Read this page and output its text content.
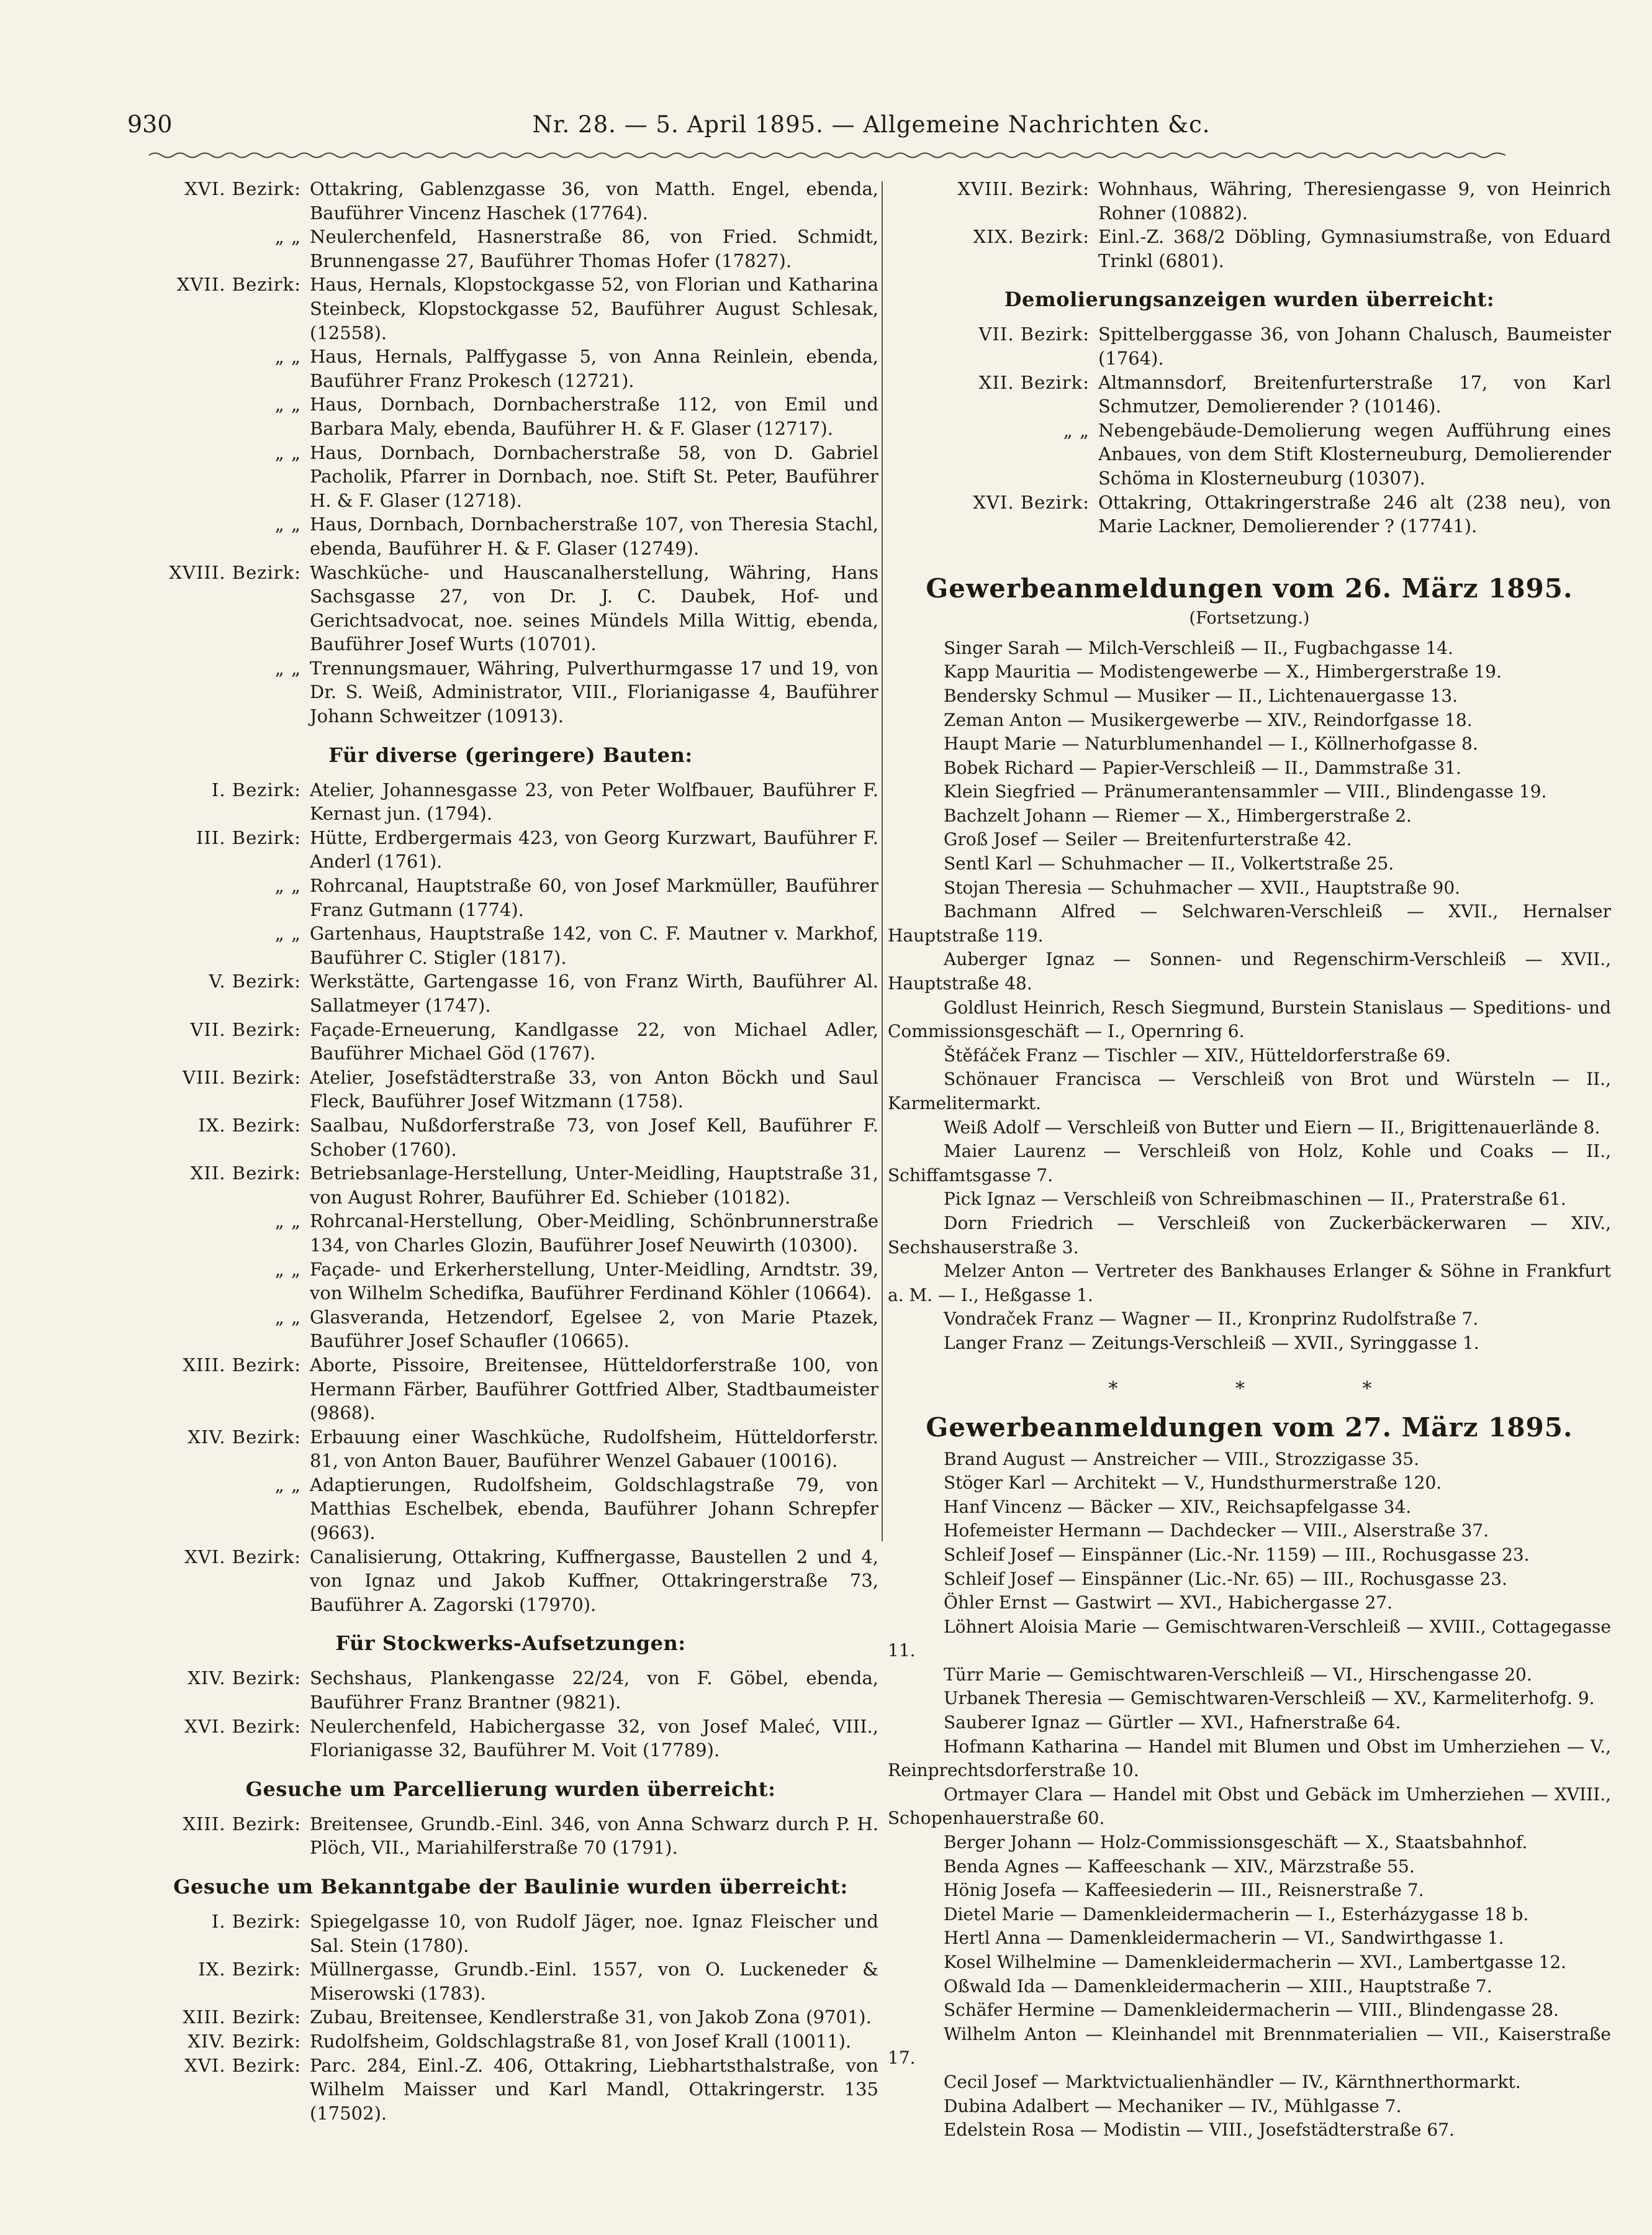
930	Nr. 28. — 5. April 1895. — Allgemeine Nachrichten &c.
XVI. Bezirk: Ottakring, Gablenzgasse 36, von Matth. Engel, ebenda, Bauführer Vincenz Haschek (17764).
„ „ Neulerchenfeld, Hasnerstraße 86, von Fried. Schmidt, Brunnengasse 27, Bauführer Thomas Hofer (17827).
XVII. Bezirk: Haus, Hernals, Klopstockgasse 52, von Florian und Katharina Steinbeck, Klopstockgasse 52, Bauführer August Schlesak, (12558).
„ „ Haus, Hernals, Palffygasse 5, von Anna Reinlein, ebenda, Bauführer Franz Prokesch (12721).
„ „ Haus, Dornbach, Dornbacherstraße 112, von Emil und Barbara Maly, ebenda, Bauführer H. & F. Glaser (12717).
„ „ Haus, Dornbach, Dornbacherstraße 58, von D. Gabriel Pacholik, Pfarrer in Dornbach, noe. Stift St. Peter, Bauführer H. & F. Glaser (12718).
„ „ Haus, Dornbach, Dornbacherstraße 107, von Theresia Stachl, ebenda, Bauführer H. & F. Glaser (12749).
XVIII. Bezirk: Waschküche- und Hauscanalherstellung, Währing, Hans Sachsgasse 27, von Dr. J. C. Daubek, Hof- und Gerichtsadvocat, noe. seines Mündels Milla Wittig, ebenda, Bauführer Josef Wurts (10701).
„ „ Trennungsmauer, Währing, Pulverthurmgasse 17 und 19, von Dr. S. Weiß, Administrator, VIII., Florianigasse 4, Bauführer Johann Schweitzer (10913).
Für diverse (geringere) Bauten:
I. Bezirk: Atelier, Johannesgasse 23, von Peter Wolfbauer, Bauführer F. Kernast jun. (1794).
III. Bezirk: Hütte, Erdbergermais 423, von Georg Kurzwart, Bauführer F. Anderl (1761).
„ „ Rohrcanal, Hauptstraße 60, von Josef Markmüller, Bauführer Franz Gutmann (1774).
„ „ Gartenhaus, Hauptstraße 142, von C. F. Mautner v. Markhof, Bauführer C. Stigler (1817).
V. Bezirk: Werkstätte, Gartengasse 16, von Franz Wirth, Bauführer Al. Sallatmeyer (1747).
VII. Bezirk: Façade-Erneuerung, Kandlgasse 22, von Michael Adler, Bauführer Michael Göd (1767).
VIII. Bezirk: Atelier, Josefstädterstraße 33, von Anton Böckh und Saul Fleck, Bauführer Josef Witzmann (1758).
IX. Bezirk: Saalbau, Nußdorferstraße 73, von Josef Kell, Bauführer F. Schober (1760).
XII. Bezirk: Betriebsanlage-Herstellung, Unter-Meidling, Hauptstraße 31, von August Rohrer, Bauführer Ed. Schieber (10182).
„ „ Rohrcanal-Herstellung, Ober-Meidling, Schönbrunnerstraße 134, von Charles Glozin, Bauführer Josef Neuwirth (10300).
„ „ Façade- und Erkerherstellung, Unter-Meidling, Arndtstr. 39, von Wilhelm Schedifka, Bauführer Ferdinand Köhler (10664).
„ „ Glasveranda, Hetzendorf, Egelsee 2, von Marie Ptazek, Bauführer Josef Schaufler (10665).
XIII. Bezirk: Aborte, Pissoire, Breitensee, Hütteldorferstraße 100, von Hermann Färber, Bauführer Gottfried Alber, Stadtbaumeister (9868).
XIV. Bezirk: Erbauung einer Waschküche, Rudolfsheim, Hütteldorferstr. 81, von Anton Bauer, Bauführer Wenzel Gabauer (10016).
„ „ Adaptierungen, Rudolfsheim, Goldschlagstraße 79, von Matthias Eschelbek, ebenda, Bauführer Johann Schrepfer (9663).
XVI. Bezirk: Canalisierung, Ottakring, Kuffnergasse, Baustellen 2 und 4, von Ignaz und Jakob Kuffner, Ottakringerstraße 73, Bauführer A. Zagorski (17970).
Für Stockwerks-Aufsetzungen:
XIV. Bezirk: Sechshaus, Plankengasse 22/24, von F. Göbel, ebenda, Bauführer Franz Brantner (9821).
XVI. Bezirk: Neulerchenfeld, Habichergasse 32, von Josef Maleć, VIII., Florianigasse 32, Bauführer M. Voit (17789).
Gesuche um Parcellierung wurden überreicht:
XIII. Bezirk: Breitensee, Grundb.-Einl. 346, von Anna Schwarz durch P. H. Plöch, VII., Mariahilferstraße 70 (1791).
Gesuche um Bekanntgabe der Baulinie wurden überreicht:
I. Bezirk: Spiegelgasse 10, von Rudolf Jäger, noe. Ignaz Fleischer und Sal. Stein (1780).
IX. Bezirk: Müllnergasse, Grundb.-Einl. 1557, von O. Luckeneder & Miserowski (1783).
XIII. Bezirk: Zubau, Breitensee, Kendlerstraße 31, von Jakob Zona (9701).
XIV. Bezirk: Rudolfsheim, Goldschlagstraße 81, von Josef Krall (10011).
XVI. Bezirk: Parc. 284, Einl.-Z. 406, Ottakring, Liebhartsthalstraße, von Wilhelm Maisser und Karl Mandl, Ottakringerstr. 135 (17502).
XVIII. Bezirk: Wohnhaus, Währing, Theresiengasse 9, von Heinrich Rohner (10882).
XIX. Bezirk: Einl.-Z. 368/2 Döbling, Gymnasiumstraße, von Eduard Trinkl (6801).
Demolierungsanzeigen wurden überreicht:
VII. Bezirk: Spittelberggasse 36, von Johann Chalusch, Baumeister (1764).
XII. Bezirk: Altmannsdorf, Breitenfurterstraße 17, von Karl Schmutzer, Demolierender ? (10146).
„ „ Nebengebäude-Demolierung wegen Aufführung eines Anbaues, von dem Stift Klosterneuburg, Demolierender Schöma in Klosterneuburg (10307).
XVI. Bezirk: Ottakring, Ottakringerstraße 246 alt (238 neu), von Marie Lackner, Demolierender ? (17741).
Gewerbeanmeldungen vom 26. März 1895.
(Fortsetzung.)
Singer Sarah — Milch-Verschleiß — II., Fugbachgasse 14.
Kapp Mauritia — Modistengewerbe — X., Himbergerstraße 19.
Bendersky Schmul — Musiker — II., Lichtenauergasse 13.
Zeman Anton — Musikergewerbe — XIV., Reindorfgasse 18.
Haupt Marie — Naturblumenhandel — I., Köllnerhofgasse 8.
Bobek Richard — Papier-Verschleiß — II., Dammstraße 31.
Klein Siegfried — Pränumerantensammler — VIII., Blindengasse 19.
Bachzelt Johann — Riemer — X., Himbergerstraße 2.
Groß Josef — Seiler — Breitenfurterstraße 42.
Sentl Karl — Schuhmacher — II., Volkertstraße 25.
Stojan Theresia — Schuhmacher — XVII., Hauptstraße 90.
Bachmann Alfred — Selchwaren-Verschleiß — XVII., Hernalser Hauptstraße 119.
Auberger Ignaz — Sonnen- und Regenschirm-Verschleiß — XVII., Hauptstraße 48.
Goldlust Heinrich, Resch Siegmund, Burstein Stanislaus — Speditions- und Commissionsgeschäft — I., Opernring 6.
Štěfáček Franz — Tischler — XIV., Hütteldorferstraße 69.
Schönauer Francisca — Verschleiß von Brot und Würsteln — II., Karmelitermarkt.
Weiß Adolf — Verschleiß von Butter und Eiern — II., Brigittenauerlände 8.
Maier Laurenz — Verschleiß von Holz, Kohle und Coaks — II., Schiffamtsgasse 7.
Pick Ignaz — Verschleiß von Schreibmaschinen — II., Praterstraße 61.
Dorn Friedrich — Verschleiß von Zuckerbäckerwaren — XIV., Sechshauserstraße 3.
Melzer Anton — Vertreter des Bankhauses Erlanger & Söhne in Frankfurt a. M. — I., Heßgasse 1.
Vondraček Franz — Wagner — II., Kronprinz Rudolfstraße 7.
Langer Franz — Zeitungs-Verschleiß — XVII., Syringgasse 1.
* * *
Gewerbeanmeldungen vom 27. März 1895.
Brand August — Anstreicher — VIII., Strozzigasse 35.
Stöger Karl — Architekt — V., Hundsthurmerstraße 120.
Hanf Vincenz — Bäcker — XIV., Reichsapfelgasse 34.
Hofemeister Hermann — Dachdecker — VIII., Alserstraße 37.
Schleif Josef — Einspänner (Lic.-Nr. 1159) — III., Rochusgasse 23.
Schleif Josef — Einspänner (Lic.-Nr. 65) — III., Rochusgasse 23.
Öhler Ernst — Gastwirt — XVI., Habichergasse 27.
Löhnert Aloisia Marie — Gemischtwaren-Verschleiß — XVIII., Cottagegasse 11.
Türr Marie — Gemischtwaren-Verschleiß — VI., Hirschengasse 20.
Urbanek Theresia — Gemischtwaren-Verschleiß — XV., Karmeliterhofg. 9.
Sauberer Ignaz — Gürtler — XVI., Hafnerstraße 64.
Hofmann Katharina — Handel mit Blumen und Obst im Umherziehen — V., Reinprechtsdorferstraße 10.
Ortmayer Clara — Handel mit Obst und Gebäck im Umherziehen — XVIII., Schopenhauerstraße 60.
Berger Johann — Holz-Commissionsgeschäft — X., Staatsbahnhof.
Benda Agnes — Kaffeeschank — XIV., Märzstraße 55.
Hönig Josefa — Kaffeesiederin — III., Reisnerstraße 7.
Dietel Marie — Damenkleidermacherin — I., Esterházygasse 18 b.
Hertl Anna — Damenkleidermacherin — VI., Sandwirthgasse 1.
Kosel Wilhelmine — Damenkleidermacherin — XVI., Lambertgasse 12.
Oßwald Ida — Damenkleidermacherin — XIII., Hauptstraße 7.
Schäfer Hermine — Damenkleidermacherin — VIII., Blindengasse 28.
Wilhelm Anton — Kleinhandel mit Brennmaterialien — VII., Kaiserstraße 17.
Cecil Josef — Marktvictualienhändler — IV., Kärnthnerthormarkt.
Dubina Adalbert — Mechaniker — IV., Mühlgasse 7.
Edelstein Rosa — Modistin — VIII., Josefstädterstraße 67.
